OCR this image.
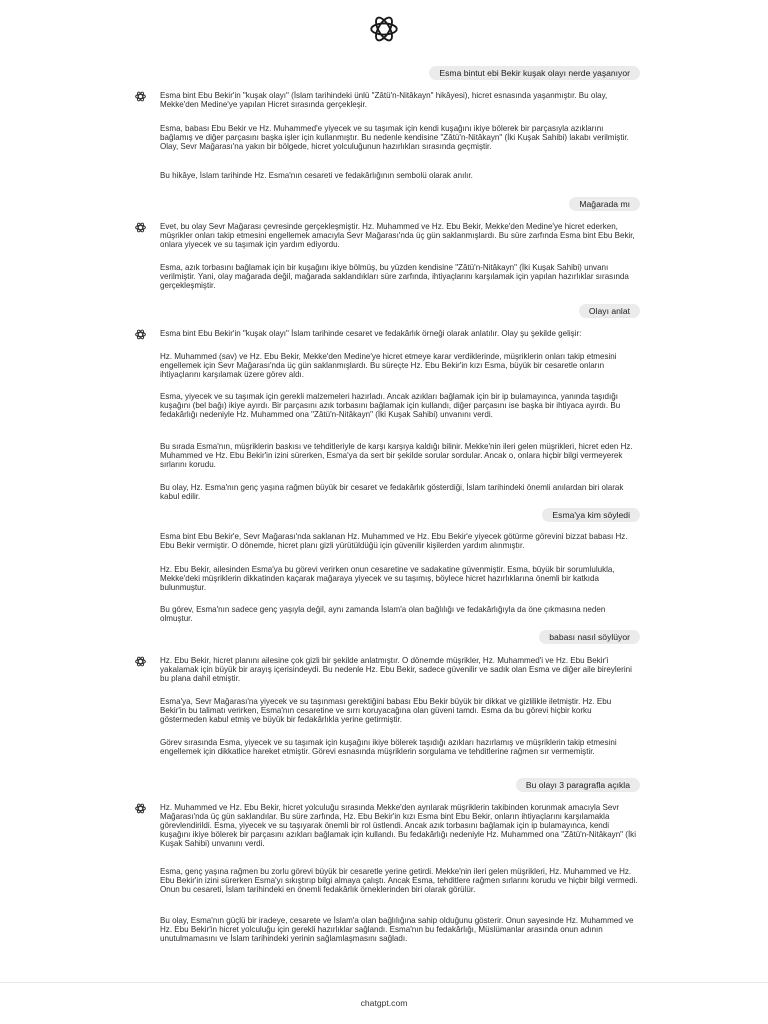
Esma bintut ebi Bekir kuşak olayı nerde yaşanıyor

Esma bint Ebu Bekir'in "kuşak olayı" (İslam tarihindeki ünlü "Zâtü'n-Nitâkayn" hikâyesi), hicret esnasında yaşanmıştır. Bu olay, Mekke'den Medine'ye yapılan Hicret sırasında gerçekleşir.

Esma, babası Ebu Bekir ve Hz. Muhammed'e yiyecek ve su taşımak için kendi kuşağını ikiye bölerek bir parçasıyla azıklarını bağlamış ve diğer parçasını başka işler için kullanmıştır. Bu nedenle kendisine "Zâtü'n-Nitâkayn" (İki Kuşak Sahibi) lakabı verilmiştir. Olay, Sevr Mağarası'na yakın bir bölgede, hicret yolculuğunun hazırlıkları sırasında geçmiştir.

Bu hikâye, İslam tarihinde Hz. Esma'nın cesareti ve fedakârlığının sembolü olarak anılır.

Mağarada mı

Evet, bu olay Sevr Mağarası çevresinde gerçekleşmiştir. Hz. Muhammed ve Hz. Ebu Bekir, Mekke'den Medine'ye hicret ederken, müşrikler onları takip etmesini engellemek amacıyla Sevr Mağarası'nda üç gün saklanmışlardı. Bu süre zarfında Esma bint Ebu Bekir, onlara yiyecek ve su taşımak için yardım ediyordu.

Esma, azık torbasını bağlamak için bir kuşağını ikiye bölmüş, bu yüzden kendisine "Zâtü'n-Nitâkayn" (İki Kuşak Sahibi) unvanı verilmiştir. Yani, olay mağarada değil, mağarada saklandıkları süre zarfında, ihtiyaçlarını karşılamak için yapılan hazırlıklar sırasında gerçekleşmiştir.

Olayı anlat

Esma bint Ebu Bekir'in "kuşak olayı" İslam tarihinde cesaret ve fedakârlık örneği olarak anlatılır. Olay şu şekilde gelişir:

Hz. Muhammed (sav) ve Hz. Ebu Bekir, Mekke'den Medine'ye hicret etmeye karar verdiklerinde, müşriklerin onları takip etmesini engellemek için Sevr Mağarası'nda üç gün saklanmışlardı. Bu süreçte Hz. Ebu Bekir'in kızı Esma, büyük bir cesaretle onların ihtiyaçlarını karşılamak üzere görev aldı.

Esma, yiyecek ve su taşımak için gerekli malzemeleri hazırladı. Ancak azıkları bağlamak için bir ip bulamayınca, yanında taşıdığı kuşağını (bel bağı) ikiye ayırdı. Bir parçasını azık torbasını bağlamak için kullandı, diğer parçasını ise başka bir ihtiyaca ayırdı. Bu fedakârlığı nedeniyle Hz. Muhammed ona "Zâtü'n-Nitâkayn" (İki Kuşak Sahibi) unvanını verdi.

Bu sırada Esma'nın, müşriklerin baskısı ve tehditleriyle de karşı karşıya kaldığı bilinir. Mekke'nin ileri gelen müşrikleri, hicret eden Hz. Muhammed ve Hz. Ebu Bekir'in izini sürerken, Esma'ya da sert bir şekilde sorular sordular. Ancak o, onlara hiçbir bilgi vermeyerek sırlarını korudu.

Bu olay, Hz. Esma'nın genç yaşına rağmen büyük bir cesaret ve fedakârlık gösterdiği, İslam tarihindeki önemli anılardan biri olarak kabul edilir.

Esma'ya kim söyledi

Esma bint Ebu Bekir'e, Sevr Mağarası'nda saklanan Hz. Muhammed ve Hz. Ebu Bekir'e yiyecek götürme görevini bizzat babası Hz. Ebu Bekir vermiştir. O dönemde, hicret planı gizli yürütüldüğü için güvenilir kişilerden yardım alınmıştır.

Hz. Ebu Bekir, ailesinden Esma'ya bu görevi verirken onun cesaretine ve sadakatine güvenmiştir. Esma, büyük bir sorumlulukla, Mekke'deki müşriklerin dikkatinden kaçarak mağaraya yiyecek ve su taşımış, böylece hicret hazırlıklarına önemli bir katkıda bulunmuştur.

Bu görev, Esma'nın sadece genç yaşıyla değil, aynı zamanda İslam'a olan bağlılığı ve fedakârlığıyla da öne çıkmasına neden olmuştur.

babası nasıl söylüyor

Hz. Ebu Bekir, hicret planını ailesine çok gizli bir şekilde anlatmıştır. O dönemde müşrikler, Hz. Muhammed'i ve Hz. Ebu Bekir'i yakalamak için büyük bir arayış içerisindeydi. Bu nedenle Hz. Ebu Bekir, sadece güvenilir ve sadık olan Esma ve diğer aile bireylerini bu plana dahil etmiştir.

Esma'ya, Sevr Mağarası'na yiyecek ve su taşınması gerektiğini babası Ebu Bekir büyük bir dikkat ve gizlilikle iletmiştir. Hz. Ebu Bekir'in bu talimatı verirken, Esma'nın cesaretine ve sırrı koruyacağına olan güveni tamdı. Esma da bu görevi hiçbir korku göstermeden kabul etmiş ve büyük bir fedakârlıkla yerine getirmiştir.

Görev sırasında Esma, yiyecek ve su taşımak için kuşağını ikiye bölerek taşıdığı azıkları hazırlamış ve müşriklerin takip etmesini engellemek için dikkatlice hareket etmiştir. Görevi esnasında müşriklerin sorgulama ve tehditlerine rağmen sır vermemiştir.

Bu olayı 3 paragrafla açıkla

Hz. Muhammed ve Hz. Ebu Bekir, hicret yolculuğu sırasında Mekke'den ayrılarak müşriklerin takibinden korunmak amacıyla Sevr Mağarası'nda üç gün saklandılar. Bu süre zarfında, Hz. Ebu Bekir'in kızı Esma bint Ebu Bekir, onların ihtiyaçlarını karşılamakla görevlendirildi. Esma, yiyecek ve su taşıyarak önemli bir rol üstlendi. Ancak azık torbasını bağlamak için ip bulamayınca, kendi kuşağını ikiye bölerek bir parçasını azıkları bağlamak için kullandı. Bu fedakârlığı nedeniyle Hz. Muhammed ona "Zâtü'n-Nitâkayn" (İki Kuşak Sahibi) unvanını verdi.

Esma, genç yaşına rağmen bu zorlu görevi büyük bir cesaretle yerine getirdi. Mekke'nin ileri gelen müşrikleri, Hz. Muhammed ve Hz. Ebu Bekir'in izini sürerken Esma'yı sıkıştırıp bilgi almaya çalıştı. Ancak Esma, tehditlere rağmen sırlarını korudu ve hiçbir bilgi vermedi. Onun bu cesareti, İslam tarihindeki en önemli fedakârlık örneklerinden biri olarak görülür.

Bu olay, Esma'nın güçlü bir iradeye, cesarete ve İslam'a olan bağlılığına sahip olduğunu gösterir. Onun sayesinde Hz. Muhammed ve Hz. Ebu Bekir'in hicret yolculuğu için gerekli hazırlıklar sağlandı. Esma'nın bu fedakârlığı, Müslümanlar arasında onun adının unutulmamasını ve İslam tarihindeki yerinin sağlamlaşmasını sağladı.

chatgpt.com
